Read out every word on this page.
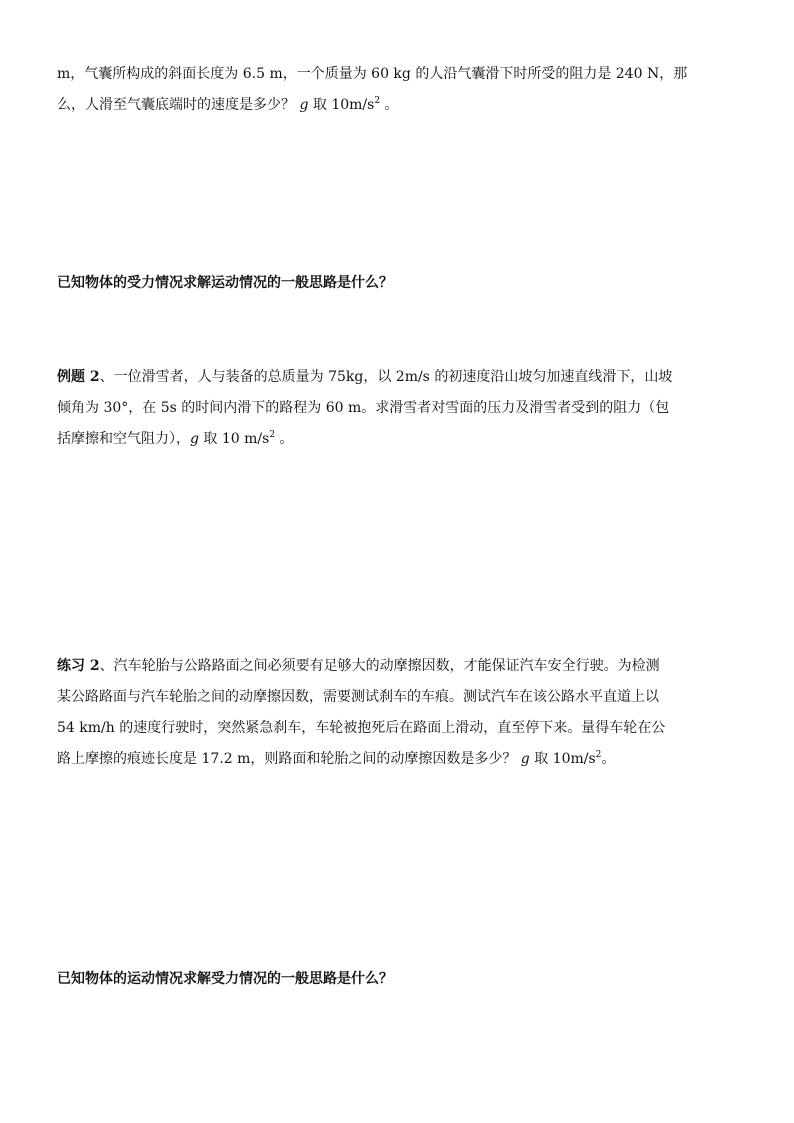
m，气囊所构成的斜面长度为 6.5 m，一个质量为 60 kg 的人沿气囊滑下时所受的阻力是 240 N，那

么，人滑至气囊底端时的速度是多少？ g 取 $10m/s^2$ 。

已知物体的受力情况求解运动情况的一般思路是什么？

例题 2、一位滑雪者，人与装备的总质量为 75kg，以 2m/s 的初速度沿山坡匀加速直线滑下，山坡

倾角为 30°，在 5s 的时间内滑下的路程为 60 m。求滑雪者对雪面的压力及滑雪者受到的阻力（包

括摩擦和空气阻力），g 取 10 $m/s^2$ 。

练习 2、汽车轮胎与公路路面之间必须要有足够大的动摩擦因数，才能保证汽车安全行驶。为检测

某公路路面与汽车轮胎之间的动摩擦因数，需要测试刹车的车痕。测试汽车在该公路水平直道上以

54 km/h 的速度行驶时，突然紧急刹车，车轮被抱死后在路面上滑动，直至停下来。量得车轮在公

路上摩擦的痕迹长度是 17.2 m，则路面和轮胎之间的动摩擦因数是多少？ g 取 $10m/s^2$。

已知物体的运动情况求解受力情况的一般思路是什么？
